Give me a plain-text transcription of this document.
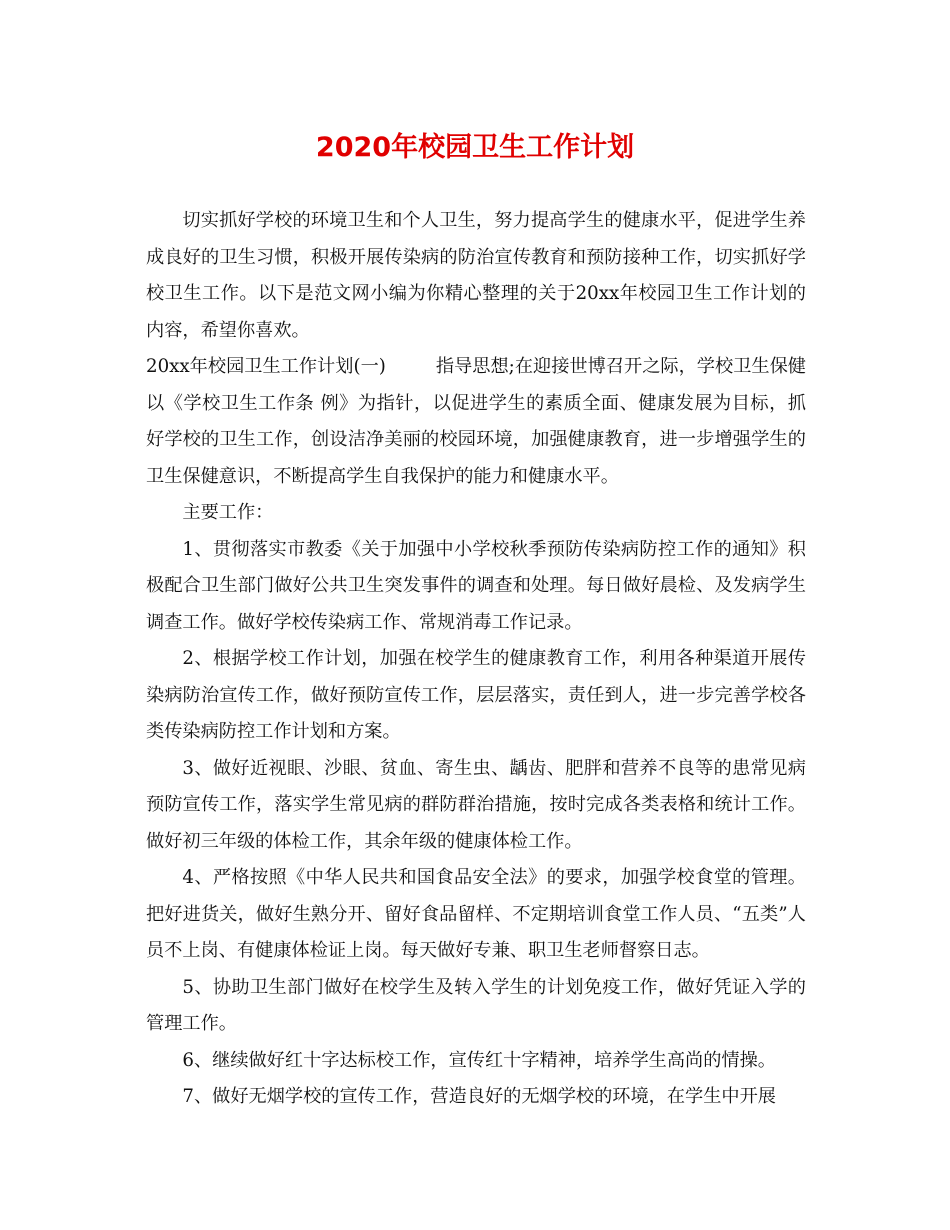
2020年校园卫生工作计划

切实抓好学校的环境卫生和个人卫生，努力提高学生的健康水平，促进学生养成良好的卫生习惯，积极开展传染病的防治宣传教育和预防接种工作，切实抓好学校卫生工作。以下是范文网小编为你精心整理的关于20xx年校园卫生工作计划的内容，希望你喜欢。

20xx年校园卫生工作计划(一)	指导思想;在迎接世博召开之际，学校卫生保健以《学校卫生工作条 例》为指针，以促进学生的素质全面、健康发展为目标，抓好学校的卫生工作，创设洁净美丽的校园环境，加强健康教育，进一步增强学生的卫生保健意识，不断提高学生自我保护的能力和健康水平。

主要工作：

1、贯彻落实市教委《关于加强中小学校秋季预防传染病防控工作的通知》积极配合卫生部门做好公共卫生突发事件的调查和处理。每日做好晨检、及发病学生调查工作。做好学校传染病工作、常规消毒工作记录。

2、根据学校工作计划，加强在校学生的健康教育工作，利用各种渠道开展传染病防治宣传工作，做好预防宣传工作，层层落实，责任到人，进一步完善学校各类传染病防控工作计划和方案。

3、做好近视眼、沙眼、贫血、寄生虫、龋齿、肥胖和营养不良等的患常见病预防宣传工作，落实学生常见病的群防群治措施，按时完成各类表格和统计工作。做好初三年级的体检工作，其余年级的健康体检工作。

4、严格按照《中华人民共和国食品安全法》的要求，加强学校食堂的管理。把好进货关，做好生熟分开、留好食品留样、不定期培训食堂工作人员、“五类”人员不上岗、有健康体检证上岗。每天做好专兼、职卫生老师督察日志。

5、协助卫生部门做好在校学生及转入学生的计划免疫工作，做好凭证入学的管理工作。

6、继续做好红十字达标校工作，宣传红十字精神，培养学生高尚的情操。

7、做好无烟学校的宣传工作，营造良好的无烟学校的环境，在学生中开展
